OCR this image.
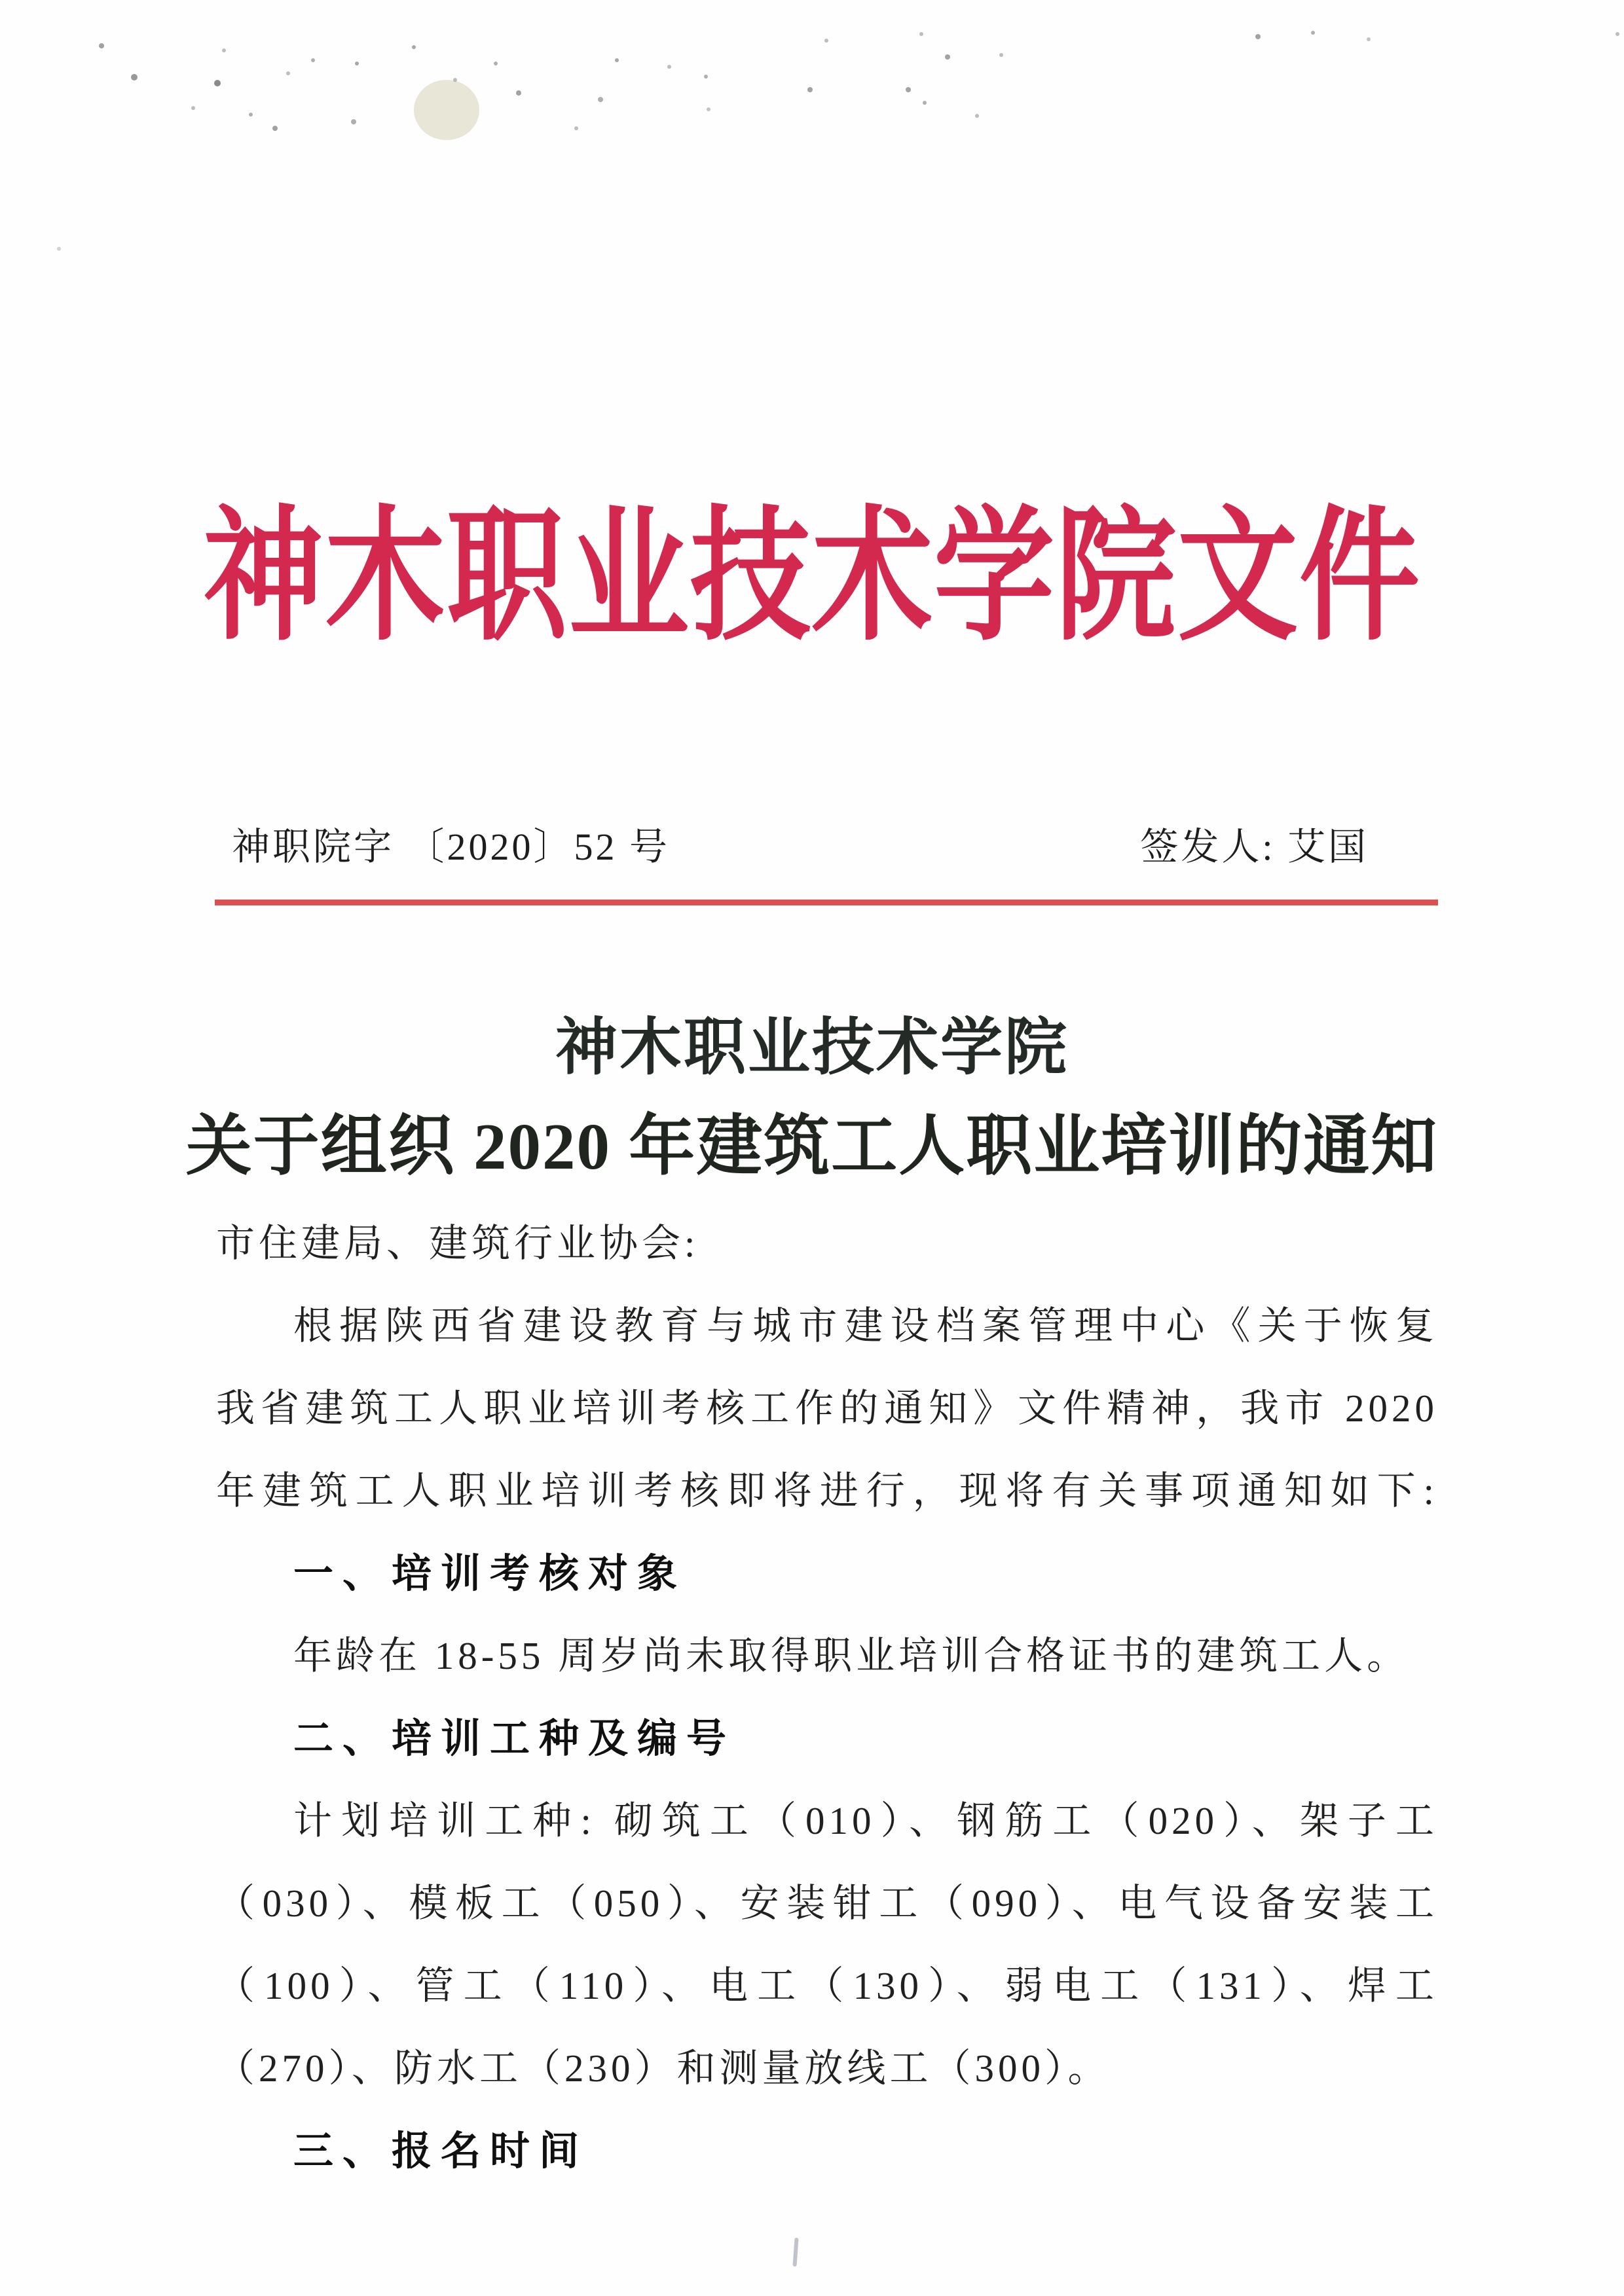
神木职业技术学院文件
神职院字 〔2020〕52 号	签发人: 艾国
神木职业技术学院
关于组织 2020 年建筑工人职业培训的通知
市住建局、建筑行业协会:
根据陕西省建设教育与城市建设档案管理中心《关于恢复
我省建筑工人职业培训考核工作的通知》文件精神，我市 2020
年建筑工人职业培训考核即将进行，现将有关事项通知如下:
一、培训考核对象
年龄在 18-55 周岁尚未取得职业培训合格证书的建筑工人。
二、培训工种及编号
计划培训工种: 砌筑工（010）、钢筋工（020）、架子工
（030）、模板工（050）、安装钳工（090）、电气设备安装工
（100）、管工（110）、电工（130）、弱电工（131）、焊工
（270）、防水工（230）和测量放线工（300）。
三、报名时间
